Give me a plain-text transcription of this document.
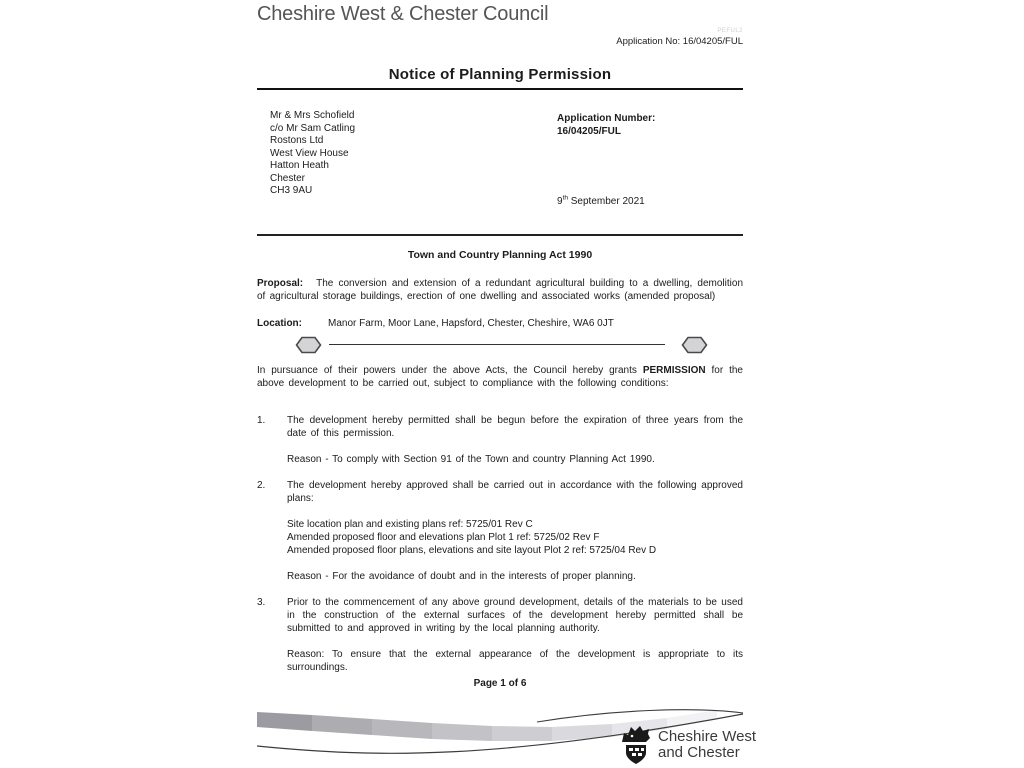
Cheshire West & Chester Council
PEFUL2
Application No: 16/04205/FUL
Notice of Planning Permission
Mr & Mrs Schofield
c/o Mr Sam Catling
Rostons Ltd
West View House
Hatton Heath
Chester
CH3 9AU
Application Number:
16/04205/FUL
9th September 2021
Town and Country Planning Act 1990
Proposal: The conversion and extension of a redundant agricultural building to a dwelling, demolition of agricultural storage buildings, erection of one dwelling and associated works (amended proposal)
Location:	Manor Farm, Moor Lane, Hapsford, Chester, Cheshire, WA6 0JT
In pursuance of their powers under the above Acts, the Council hereby grants PERMISSION for the above development to be carried out, subject to compliance with the following conditions:
1.	The development hereby permitted shall be begun before the expiration of three years from the date of this permission.
Reason - To comply with Section 91 of the Town and country Planning Act 1990.
2.	The development hereby approved shall be carried out in accordance with the following approved plans:
Site location plan and existing plans ref: 5725/01 Rev C
Amended proposed floor and elevations plan Plot 1 ref: 5725/02 Rev F
Amended proposed floor plans, elevations and site layout Plot 2 ref: 5725/04 Rev D
Reason - For the avoidance of doubt and in the interests of proper planning.
3.	Prior to the commencement of any above ground development, details of the materials to be used in the construction of the external surfaces of the development hereby permitted shall be submitted to and approved in writing by the local planning authority.
Reason: To ensure that the external appearance of the development is appropriate to its surroundings.
Page 1 of 6
Cheshire West
and Chester
